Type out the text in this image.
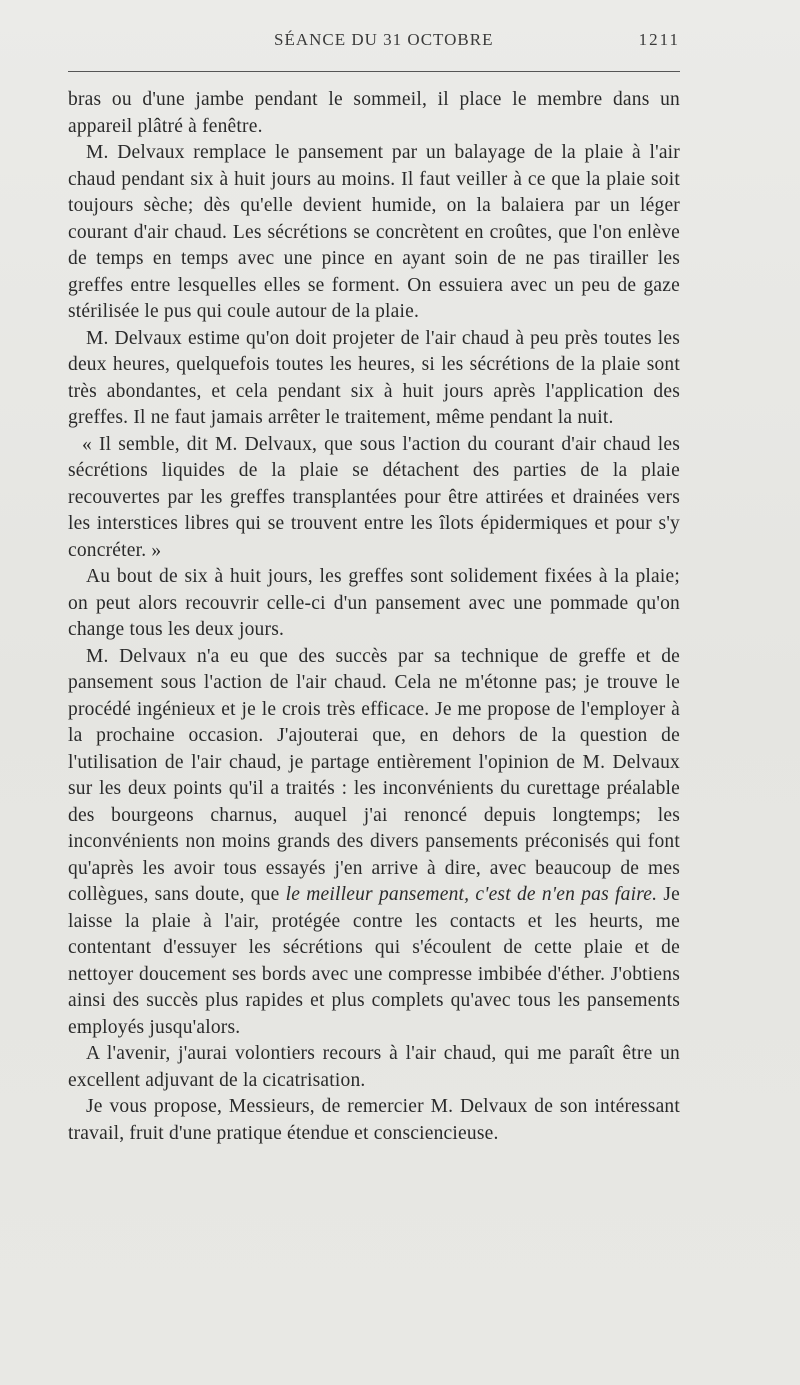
SÉANCE DU 31 OCTOBRE	1211

bras ou d'une jambe pendant le sommeil, il place le membre dans un appareil plâtré à fenêtre.

M. Delvaux remplace le pansement par un balayage de la plaie à l'air chaud pendant six à huit jours au moins. Il faut veiller à ce que la plaie soit toujours sèche; dès qu'elle devient humide, on la balaiera par un léger courant d'air chaud. Les sécrétions se concrètent en croûtes, que l'on enlève de temps en temps avec une pince en ayant soin de ne pas tirailler les greffes entre lesquelles elles se forment. On essuiera avec un peu de gaze stérilisée le pus qui coule autour de la plaie.

M. Delvaux estime qu'on doit projeter de l'air chaud à peu près toutes les deux heures, quelquefois toutes les heures, si les sécrétions de la plaie sont très abondantes, et cela pendant six à huit jours après l'application des greffes. Il ne faut jamais arrêter le traitement, même pendant la nuit.

« Il semble, dit M. Delvaux, que sous l'action du courant d'air chaud les sécrétions liquides de la plaie se détachent des parties de la plaie recouvertes par les greffes transplantées pour être attirées et drainées vers les interstices libres qui se trouvent entre les îlots épidermiques et pour s'y concréter. »

Au bout de six à huit jours, les greffes sont solidement fixées à la plaie; on peut alors recouvrir celle-ci d'un pansement avec une pommade qu'on change tous les deux jours.

M. Delvaux n'a eu que des succès par sa technique de greffe et de pansement sous l'action de l'air chaud. Cela ne m'étonne pas; je trouve le procédé ingénieux et je le crois très efficace. Je me propose de l'employer à la prochaine occasion. J'ajouterai que, en dehors de la question de l'utilisation de l'air chaud, je partage entièrement l'opinion de M. Delvaux sur les deux points qu'il a traités : les inconvénients du curettage préalable des bourgeons charnus, auquel j'ai renoncé depuis longtemps; les inconvénients non moins grands des divers pansements préconisés qui font qu'après les avoir tous essayés j'en arrive à dire, avec beaucoup de mes collègues, sans doute, que le meilleur pansement, c'est de n'en pas faire. Je laisse la plaie à l'air, protégée contre les contacts et les heurts, me contentant d'essuyer les sécrétions qui s'écoulent de cette plaie et de nettoyer doucement ses bords avec une compresse imbibée d'éther. J'obtiens ainsi des succès plus rapides et plus complets qu'avec tous les pansements employés jusqu'alors.

A l'avenir, j'aurai volontiers recours à l'air chaud, qui me paraît être un excellent adjuvant de la cicatrisation.

Je vous propose, Messieurs, de remercier M. Delvaux de son intéressant travail, fruit d'une pratique étendue et consciencieuse.
